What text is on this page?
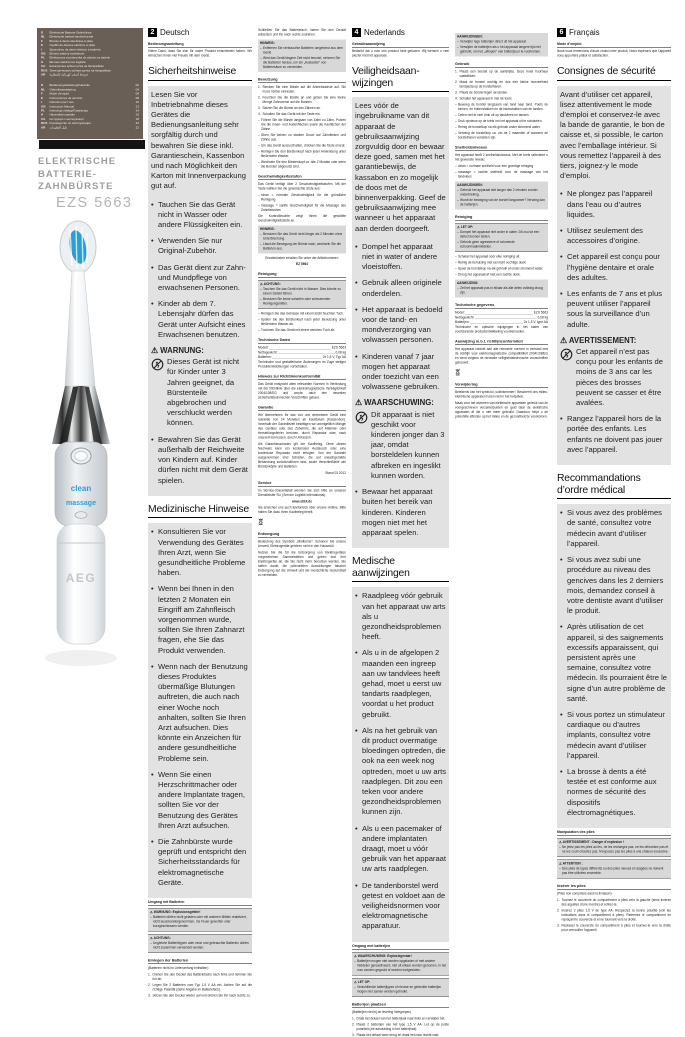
D	Elektrische Batterie-Zahnbürste
NL Elektrische batterij-tandenborstel
F	Brosse à dents électrique à piles
E	Cepillo de dientes eléctrico a pilas
I	Spazzolino da denti elettrico a batteria
GB Electric battery toothbrush
PL Elektryczna szczoteczka do zębów na baterie
H	Elemes elektromos fogkefe
UA Електрична зубна щітка на батарейках
RUS Электрическая зубная щетка на батарейках
AR فرشاة أسنان كهربائية بالبطارية
D	Bedienungsanleitung/Garantie	02
NL Gebruiksaanwijzing	04
F	Mode d’emploi	06
E	Instrucciones de servicio	08
I	Istruzioni per l’uso	10
GB Instruction Manual	12
PL Instrukcja obsługi/Gwarancja	14
H	Használati utasítás	16
UA Інструкція з експлуатації	18
RUS Руководство по эксплуатации	20
AR دليل التعليمات	22
ELEKTRISCHE
BATTERIE-
ZAHNBÜRSTE
EZS 5663
clean
massage
AEG
2 Deutsch
Bedienungsanleitung
Vielen Dank, dass Sie sich für unser Produkt entschieden haben. Wir wünschen Ihnen viel Freude mit dem Gerät.
Sicherheitshinweise

Lesen Sie vor Inbetriebnahme dieses Gerätes die Bedienungsanleitung sehr sorgfältig durch und bewahren Sie diese inkl. Garantieschein, Kassenbon und nach Möglichkeit den Karton mit Innenverpackung gut auf.

• Tauchen Sie das Gerät nicht in Wasser oder andere Flüssigkeiten ein.
• Verwenden Sie nur Original-Zubehör.
• Das Gerät dient zur Zahn- und Mundpflege von erwachsenen Personen.
• Kinder ab dem 7. Lebensjahr dürfen das Gerät unter Aufsicht eines Erwachsenen benutzen.
⚠ WARNUNG:
Dieses Gerät ist nicht für Kinder unter 3 Jahren geeignet, da Bürstenteile abgebrochen und verschluckt werden können.
• Bewahren Sie das Gerät außerhalb der Reichweite von Kindern auf. Kinder dürfen nicht mit dem Gerät spielen.
Medizinische Hinweise
• Konsultieren Sie vor Verwendung des Gerätes Ihren Arzt, wenn Sie gesundheitliche Probleme haben.
• Wenn bei Ihnen in den letzten 2 Monaten ein Eingriff am Zahnfleisch vorgenommen wurde, sollten Sie Ihren Zahnarzt fragen, ehe Sie das Produkt verwenden.
• Wenn nach der Benutzung dieses Produktes übermäßige Blutungen auftreten, die auch nach einer Woche noch anhalten, sollten Sie Ihren Arzt aufsuchen. Dies könnte ein Anzeichen für andere gesundheitliche Probleme sein.
• Wenn Sie einen Herzschrittmacher oder andere Implantate tragen, sollten Sie vor der Benutzung des Gerätes Ihren Arzt aufsuchen.
• Die Zahnbürste wurde geprüft und entspricht den Sicherheitsstandards für elektromagnetische Geräte.
Umgang mit Batterien
⚠ WARNUNG: Explosionsgefahr!
– Batterien dürfen nicht geladen oder mit anderen Mitteln reaktiviert, nicht auseinandergenommen, ins Feuer geworfen oder kurzgeschlossen werden.
⚠ ACHTUNG:
– Ungleiche Batterietypen oder neue und gebrauchte Batterien dürfen nicht zusammen verwendet werden.
Einlegen der Batterien
(Batterien nicht im Lieferumfang enthalten)
1. Drehen Sie den Deckel des Batteriefachs nach links und nehmen Sie ihn ab.
2. Legen Sie 2 Batterien vom Typ 1,5 V AA ein. Achten Sie auf die richtige Polarität (siehe Angabe im Batteriefach).
3. Setzen Sie den Deckel wieder auf und drehen Sie ihn nach rechts zu.
Schließen Sie das Batteriefach, indem Sie den Deckel aufsetzen und ihn nach rechts zudrehen.
HINWEIS:
– Entfernen Sie verbrauchte Batterien umgehend aus dem Gerät.
– Wird das Gerät längere Zeit nicht benutzt, nehmen Sie die Batterien heraus, um ein „Auslaufen“ von Batteriesäure zu vermeiden.
Benutzung
1. Stecken Sie eine Bürste auf die Antriebsachse auf. Sie muss hörbar einrasten.
2. Feuchten Sie die Bürste an und geben Sie eine kleine Menge Zahncreme auf die Borsten.
3. Setzen Sie die Bürste an den Zähnen an.
4. Schalten Sie das Gerät mit der Taste ein.
– Führen Sie die Bürste langsam von Zahn zu Zahn. Putzen Sie die Innen- und Außenflächen sowie die Kauflächen der Zähne.
– Üben Sie keinen zu starken Druck auf Zahnfleisch und Zähne aus.
– Um das Gerät auszuschalten, drücken Sie die Taste erneut.
– Reinigen Sie den Bürstenkopf nach jeder Anwendung unter fließendem Wasser.
– Wechseln Sie den Bürstenkopf ca. alle 2 Monate oder wenn die Borsten abgenutzt sind.
Geschwindigkeitsstufen
Das Gerät verfügt über 2 Geschwindigkeitsstufen. Mit der Taste wählen Sie die gewünschte Stufe aus:
– clean = normale Geschwindigkeit für die gründliche Reinigung
– massage = sanfte Geschwindigkeit für die Massage des Zahnfleisches
Die Kontrollleuchte zeigt Ihnen die gewählte Geschwindigkeitsstufe an.
HINWEIS:
– Benutzen Sie das Gerät nicht länger als 2 Minuten ohne Unterbrechung.
– Lässt die Bewegung der Bürste nach, wechseln Sie die Batterien aus.
Ersatzbürsten erhalten Sie unter der Artikelnummer:
EZ 5664
Reinigung
⚠ ACHTUNG:
– Tauchen Sie das Gerät nicht in Wasser. Dies könnte zu einem Defekt führen.
– Benutzen Sie keine scharfen oder scheuernden Reinigungsmittel.
– Reinigen Sie das Gehäuse mit einem leicht feuchten Tuch.
– Spülen Sie den Bürstenkopf nach jeder Benutzung unter fließendem Wasser ab.
– Trocknen Sie das Gerät mit einem weichen Tuch ab.
Technische Daten
Modell:	EZS 5663
Nettogewicht:	0,08 kg
Batterien:	2x 1,5 V, Typ AA
Technische und gestalterische Änderungen im Zuge stetiger Produktentwicklungen vorbehalten.
Hinweis zur Richtlinienkonformität
Das Gerät entspricht allen relevanten Normen in Verbindung mit der Richtlinie über die elektromagnetische Verträglichkeit 2004/108/EG und wurde nach den neuesten sicherheitstechnischen Vorschriften gebaut.
Garantie
Wir übernehmen für das von uns vertriebene Gerät eine Garantie von 24 Monaten ab Kaufdatum (Kassenbon). Innerhalb der Garantiezeit beseitigen wir unentgeltlich Mängel des Gerätes oder des Zubehörs, die auf Material- oder Herstellungsfehler beruhen, durch Reparatur oder, nach unserem Ermessen, durch Umtausch.
Als Garantienachweis gilt der Kaufbeleg. Ohne diesen Nachweis kann ein kostenloser Austausch oder eine kostenlose Reparatur nicht erfolgen. Von der Garantie ausgenommen sind Schäden, die auf unsachgemäße Behandlung zurückzuführen sind, sowie Verschleißteile wie Bürstenköpfe und Batterien.
Stand 03.2012
Service
Im Service-/Garantiefall wenden Sie sich bitte an unseren Dienstleister SLI (Service Logistik International).
www.sli24.de
Sie erreichen uns auch telefonisch über unsere Hotline. Bitte halten Sie dazu Ihren Kaufbeleg bereit.
Entsorgung
Bedeutung des Symbols „Mülltonne“: Schonen Sie unsere Umwelt, Elektrogeräte gehören nicht in den Hausmüll.
Nutzen Sie die für die Entsorgung von Elektrogeräten vorgesehenen Sammelstellen und geben dort Ihre Elektrogeräte ab, die Sie nicht mehr benutzen werden. Sie helfen damit, die potenziellen Auswirkungen falscher Entsorgung auf die Umwelt und die menschliche Gesundheit zu vermeiden.
4 Nederlands
Gebruiksaanwijzing
Bedankt dat u voor ons product hebt gekozen. Wij wensen u veel plezier met het apparaat.
Veiligheidsaan-
wijzingen

Lees vóór de ingebruikname van dit apparaat de gebruiksaanwijzing zorgvuldig door en bewaar deze goed, samen met het garantiebewijs, de kassabon en zo mogelijk de doos met de binnenverpakking. Geef de gebruiksaanwijzing mee wanneer u het apparaat aan derden doorgeeft.

• Dompel het apparaat niet in water of andere vloeistoffen.
• Gebruik alleen originele onderdelen.
• Het apparaat is bedoeld voor de tand- en mondverzorging van volwassen personen.
• Kinderen vanaf 7 jaar mogen het apparaat onder toezicht van een volwassene gebruiken.
⚠ WAARSCHUWING:
Dit apparaat is niet geschikt voor kinderen jonger dan 3 jaar, omdat borsteldelen kunnen afbreken en ingeslikt kunnen worden.
• Bewaar het apparaat buiten het bereik van kinderen. Kinderen mogen niet met het apparaat spelen.
Medische aanwijzingen
• Raadpleeg vóór gebruik van het apparaat uw arts als u gezondheidsproblemen heeft.
• Als u in de afgelopen 2 maanden een ingreep aan uw tandvlees heeft gehad, moet u eerst uw tandarts raadplegen, voordat u het product gebruikt.
• Als na het gebruik van dit product overmatige bloedingen optreden, die ook na een week nog optreden, moet u uw arts raadplegen. Dit zou een teken voor andere gezondheidsproblemen kunnen zijn.
• Als u een pacemaker of andere implantaten draagt, moet u vóór gebruik van het apparaat uw arts raadplegen.
• De tandenborstel werd getest en voldoet aan de veiligheidsnormen voor elektromagnetische apparatuur.
Omgang met batterijen
⚠ WAARSCHUWING: Explosiegevaar!
– Batterijen mogen niet worden opgeladen of met andere middelen gereactiveerd, niet uit elkaar worden genomen, in het vuur worden gegooid of worden kortgesloten.
⚠ LET OP:
– Verschillende batterijtypes of nieuwe en gebruikte batterijen mogen niet samen worden gebruikt.
Batterijen plaatsen
(Batterijen niet bij de levering inbegrepen)
1. Draai het deksel van het batterijvak naar links en verwijder het.
2. Plaats 2 batterijen van het type 1,5 V AA. Let op de juiste polariteit (zie aanduiding in het batterijvak).
3. Plaats het deksel weer terug en draai het naar rechts vast.
AANWIJZINGEN:
– Verwijder lege batterijen direct uit het apparaat.
– Verwijder de batterijen als u het apparaat langere tijd niet gebruikt, om het „uitlopen“ van batterijzuur te voorkomen.
Gebruik
1. Plaats een borstel op de aandrijfas. Deze moet hoorbaar vastklikken.
2. Maak de borstel vochtig en doe een kleine hoeveelheid tandpasta op de borstelharen.
3. Plaats de borstel tegen de tanden.
4. Schakel het apparaat in met de toets.
– Beweeg de borstel langzaam van tand naar tand. Poets de binnen- en buitenvlakken en de kauwvlakken van de tanden.
– Oefen niet te veel druk uit op tandvlees en tanden.
– Druk opnieuw op de toets om het apparaat uit te schakelen.
– Reinig de borstelkop na elk gebruik onder stromend water.
– Vervang de borstelkop ca. om de 2 maanden of wanneer de borstelharen versleten zijn.
Snelheidsniveaus
Het apparaat heeft 2 snelheidsniveaus. Met de toets selecteert u het gewenste niveau:
– clean = normale snelheid voor een grondige reiniging
– massage = zachte snelheid voor de massage van het tandvlees
AANWIJZINGEN:
– Gebruik het apparaat niet langer dan 2 minuten zonder onderbreking.
– Wordt de beweging van de borstel langzamer? Vervang dan de batterijen.
Reiniging
⚠ LET OP:
– Dompel het apparaat niet onder in water. Dit zou tot een defect kunnen leiden.
– Gebruik geen agressieve of schurende schoonmaakmiddelen.
– Schakel het apparaat vóór elke reiniging uit.
– Reinig de behuizing met een licht vochtige doek.
– Spoel de borstelkop na elk gebruik af onder stromend water.
– Droog het apparaat af met een zachte doek.
AANWIJZING:
– Zet het apparaat pas in elkaar als alle delen volledig droog zijn.
Technische gegevens
Model:	EZS 5663
Nettogewicht:	0,08 kg
Batterijen:	2x 1,5 V, type AA
Technische en optische wijzigingen in het kader van voortdurende productontwikkeling voorbehouden.
Aanwijzing m.b.t. richtlijnconformiteit
Het apparaat voldoet aan alle relevante normen in verband met de richtlijn voor elektromagnetische compatibiliteit 2004/108/EG en werd volgens de nieuwste veiligheidstechnische voorschriften gebouwd.
Verwijdering
Betekenis van het symbool „vuilnisemmer“: Bescherm ons milieu, elektrische apparaten horen niet in het huisafval.
Maak voor het afvoeren van elektrische apparaten gebruik van de voorgeschreven verzamelpunten en geef daar de elektrische apparaten af die u niet meer gebruikt. Daardoor helpt u de potentiële effecten op het milieu en de gezondheid te voorkomen.
6 Français
Mode d’emploi
Nous vous remercions d’avoir choisi notre produit. Nous espérons que l’appareil vous apportera plaisir et satisfaction.
Consignes de sécurité

Avant d’utiliser cet appareil, lisez attentivement le mode d’emploi et conservez-le avec la bande de garantie, le bon de caisse et, si possible, le carton avec l’emballage intérieur. Si vous remettez l’appareil à des tiers, joignez-y le mode d’emploi.

• Ne plongez pas l’appareil dans l’eau ou d’autres liquides.
• Utilisez seulement des accessoires d’origine.
• Cet appareil est conçu pour l’hygiène dentaire et orale des adultes.
• Les enfants de 7 ans et plus peuvent utiliser l’appareil sous la surveillance d’un adulte.
⚠ AVERTISSEMENT:
Cet appareil n’est pas conçu pour les enfants de moins de 3 ans car les pièces des brosses peuvent se casser et être avalées.
• Rangez l’appareil hors de la portée des enfants. Les enfants ne doivent pas jouer avec l’appareil.
Recommandations
d’ordre médical
• Si vous avez des problèmes de santé, consultez votre médecin avant d’utiliser l’appareil.
• Si vous avez subi une procédure au niveau des gencives dans les 2 derniers mois, demandez conseil à votre dentiste avant d’utiliser le produit.
• Après utilisation de cet appareil, si des saignements excessifs apparaissent, qui persistent après une semaine, consultez votre médecin. Ils pourraient être le signe d’un autre problème de santé.
• Si vous portez un stimulateur cardiaque ou d’autres implants, consultez votre médecin avant d’utiliser l’appareil.
• La brosse à dents a été testée et est conforme aux normes de sécurité des dispositifs électromagnétiques.
Manipulation des piles
⚠ AVERTISSEMENT : Danger d’explosion !
– Ne jetez pas les piles au feu, ne les rechargez pas, ne les démontez pas et ne les court-circuitez pas. N’exposez pas les piles à une chaleur excessive.
⚠ ATTENTION :
– Des piles de types différents ou des piles neuves et usagées ne doivent pas être utilisées ensemble.
Insérer les piles
(Piles non comprises dans la livraison)
1. Tournez le couvercle du compartiment à piles vers la gauche (sens inverse des aiguilles d’une montre) et retirez-le.
2. Insérez 2 piles 1,5 V de type AA. Respectez la bonne polarité (voir les indications dans le compartiment à piles). Refermez le compartiment en replaçant le couvercle et en le tournant vers la droite.
3. Replacez le couvercle du compartiment à piles et tournez-le vers la droite pour verrouiller l’appareil.
